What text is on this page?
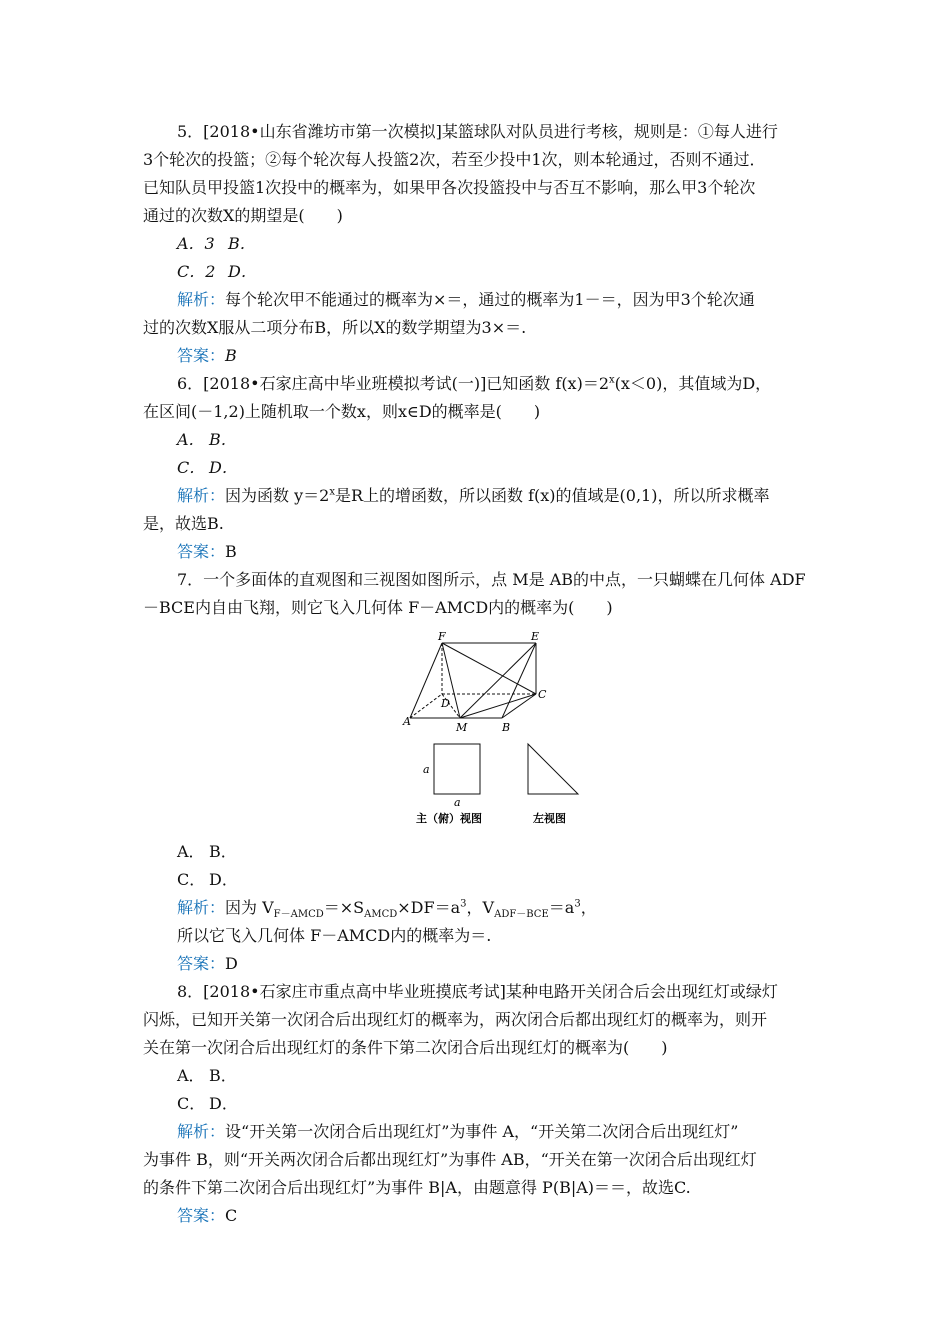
5．[2018•山东省潍坊市第一次模拟]某篮球队对队员进行考核，规则是：①每人进行
3个轮次的投篮；②每个轮次每人投篮2次，若至少投中1次，则本轮通过，否则不通过．
已知队员甲投篮1次投中的概率为，如果甲各次投篮投中与否互不影响，那么甲3个轮次
通过的次数X的期望是(　　)
A．3 B．
C．2 D．
解析：每个轮次甲不能通过的概率为×＝，通过的概率为1－＝，因为甲3个轮次通
过的次数X服从二项分布B，所以X的数学期望为3×＝.
答案：B
6．[2018•石家庄高中毕业班模拟考试(一)]已知函数 $f(x)=2^x(x<0)$，其值域为D，
在区间(－1,2)上随机取一个数x，则x∈D的概率是(　　)
A． B．
C． D．
解析：因为函数 $y=2^x$是R上的增函数，所以函数 f(x)的值域是(0,1)，所以所求概率
是，故选B.
答案：B
7．一个多面体的直观图和三视图如图所示，点 M是 AB的中点，一只蝴蝶在几何体 ADF
－BCE内自由飞翔，则它飞入几何体 F－AMCD内的概率为(　　)
F	E
D
C
A	M	B
a
a
主（俯）视图	左视图
A． B．
C． D．
解析：因为 $V_{F-AMCD}=\times S_{AMCD}\times DF=a^3$，$V_{ADF-BCE}=a^3$，
所以它飞入几何体 F－AMCD内的概率为＝.
答案：D
8．[2018•石家庄市重点高中毕业班摸底考试]某种电路开关闭合后会出现红灯或绿灯
闪烁，已知开关第一次闭合后出现红灯的概率为，两次闭合后都出现红灯的概率为，则开
关在第一次闭合后出现红灯的条件下第二次闭合后出现红灯的概率为(　　)
A． B．
C． D．
解析：设“开关第一次闭合后出现红灯”为事件 A，“开关第二次闭合后出现红灯”
为事件 B，则“开关两次闭合后都出现红灯”为事件 AB，“开关在第一次闭合后出现红灯
的条件下第二次闭合后出现红灯”为事件 B|A，由题意得 P(B|A)＝＝，故选C.
答案：C
